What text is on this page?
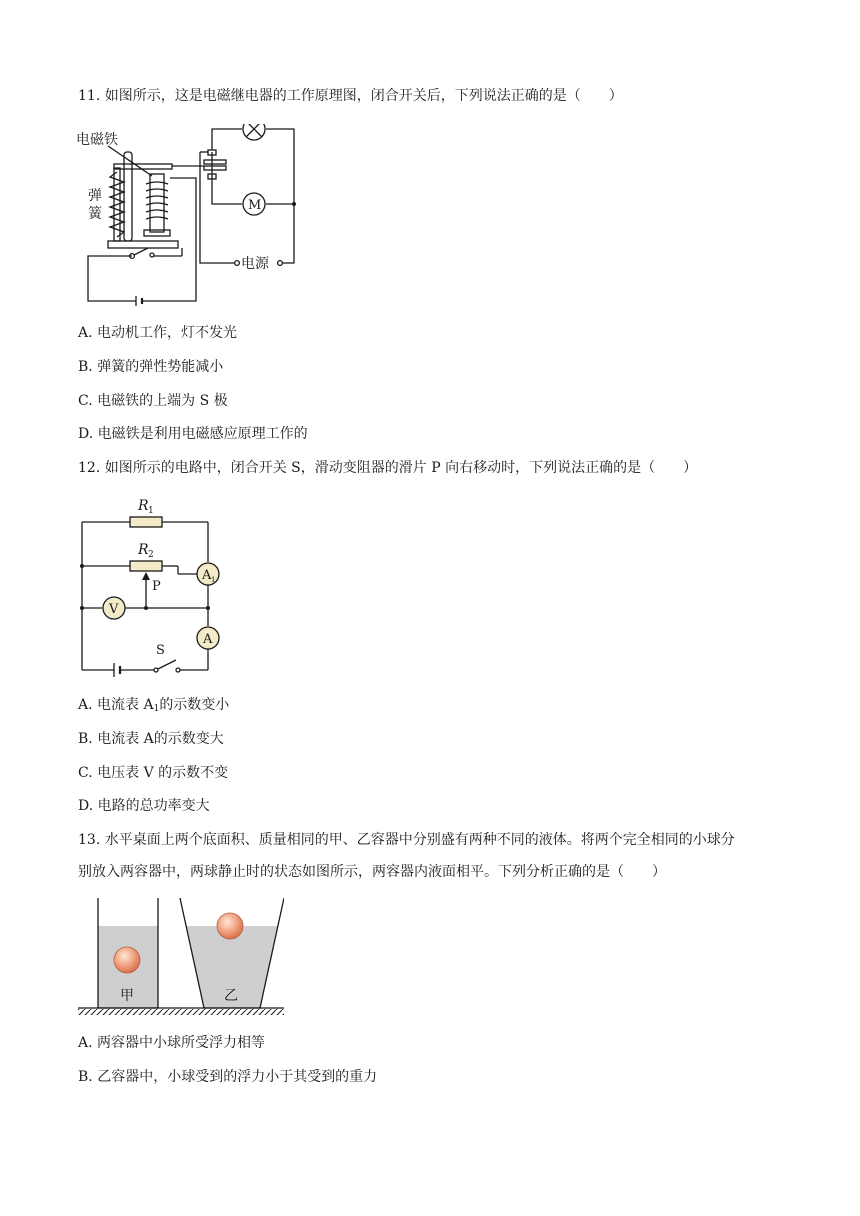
11. 如图所示，这是电磁继电器的工作原理图，闭合开关后，下列说法正确的是（　　）
电磁铁
弹
簧
M
电源
A. 电动机工作，灯不发光
B. 弹簧的弹性势能减小
C. 电磁铁的上端为 S 极
D. 电磁铁是利用电磁感应原理工作的
12. 如图所示的电路中，闭合开关 S，滑动变阻器的滑片 P 向右移动时，下列说法正确的是（　　）
R 1
R 2
P
A 1
A
V
S
A. 电流表 $A_1$的示数变小
B. 电流表 A的示数变大
C. 电压表 V 的示数不变
D. 电路的总功率变大
13. 水平桌面上两个底面积、质量相同的甲、乙容器中分别盛有两种不同的液体。将两个完全相同的小球分
别放入两容器中，两球静止时的状态如图所示，两容器内液面相平。下列分析正确的是（　　）
甲	乙
A. 两容器中小球所受浮力相等
B. 乙容器中，小球受到的浮力小于其受到的重力
